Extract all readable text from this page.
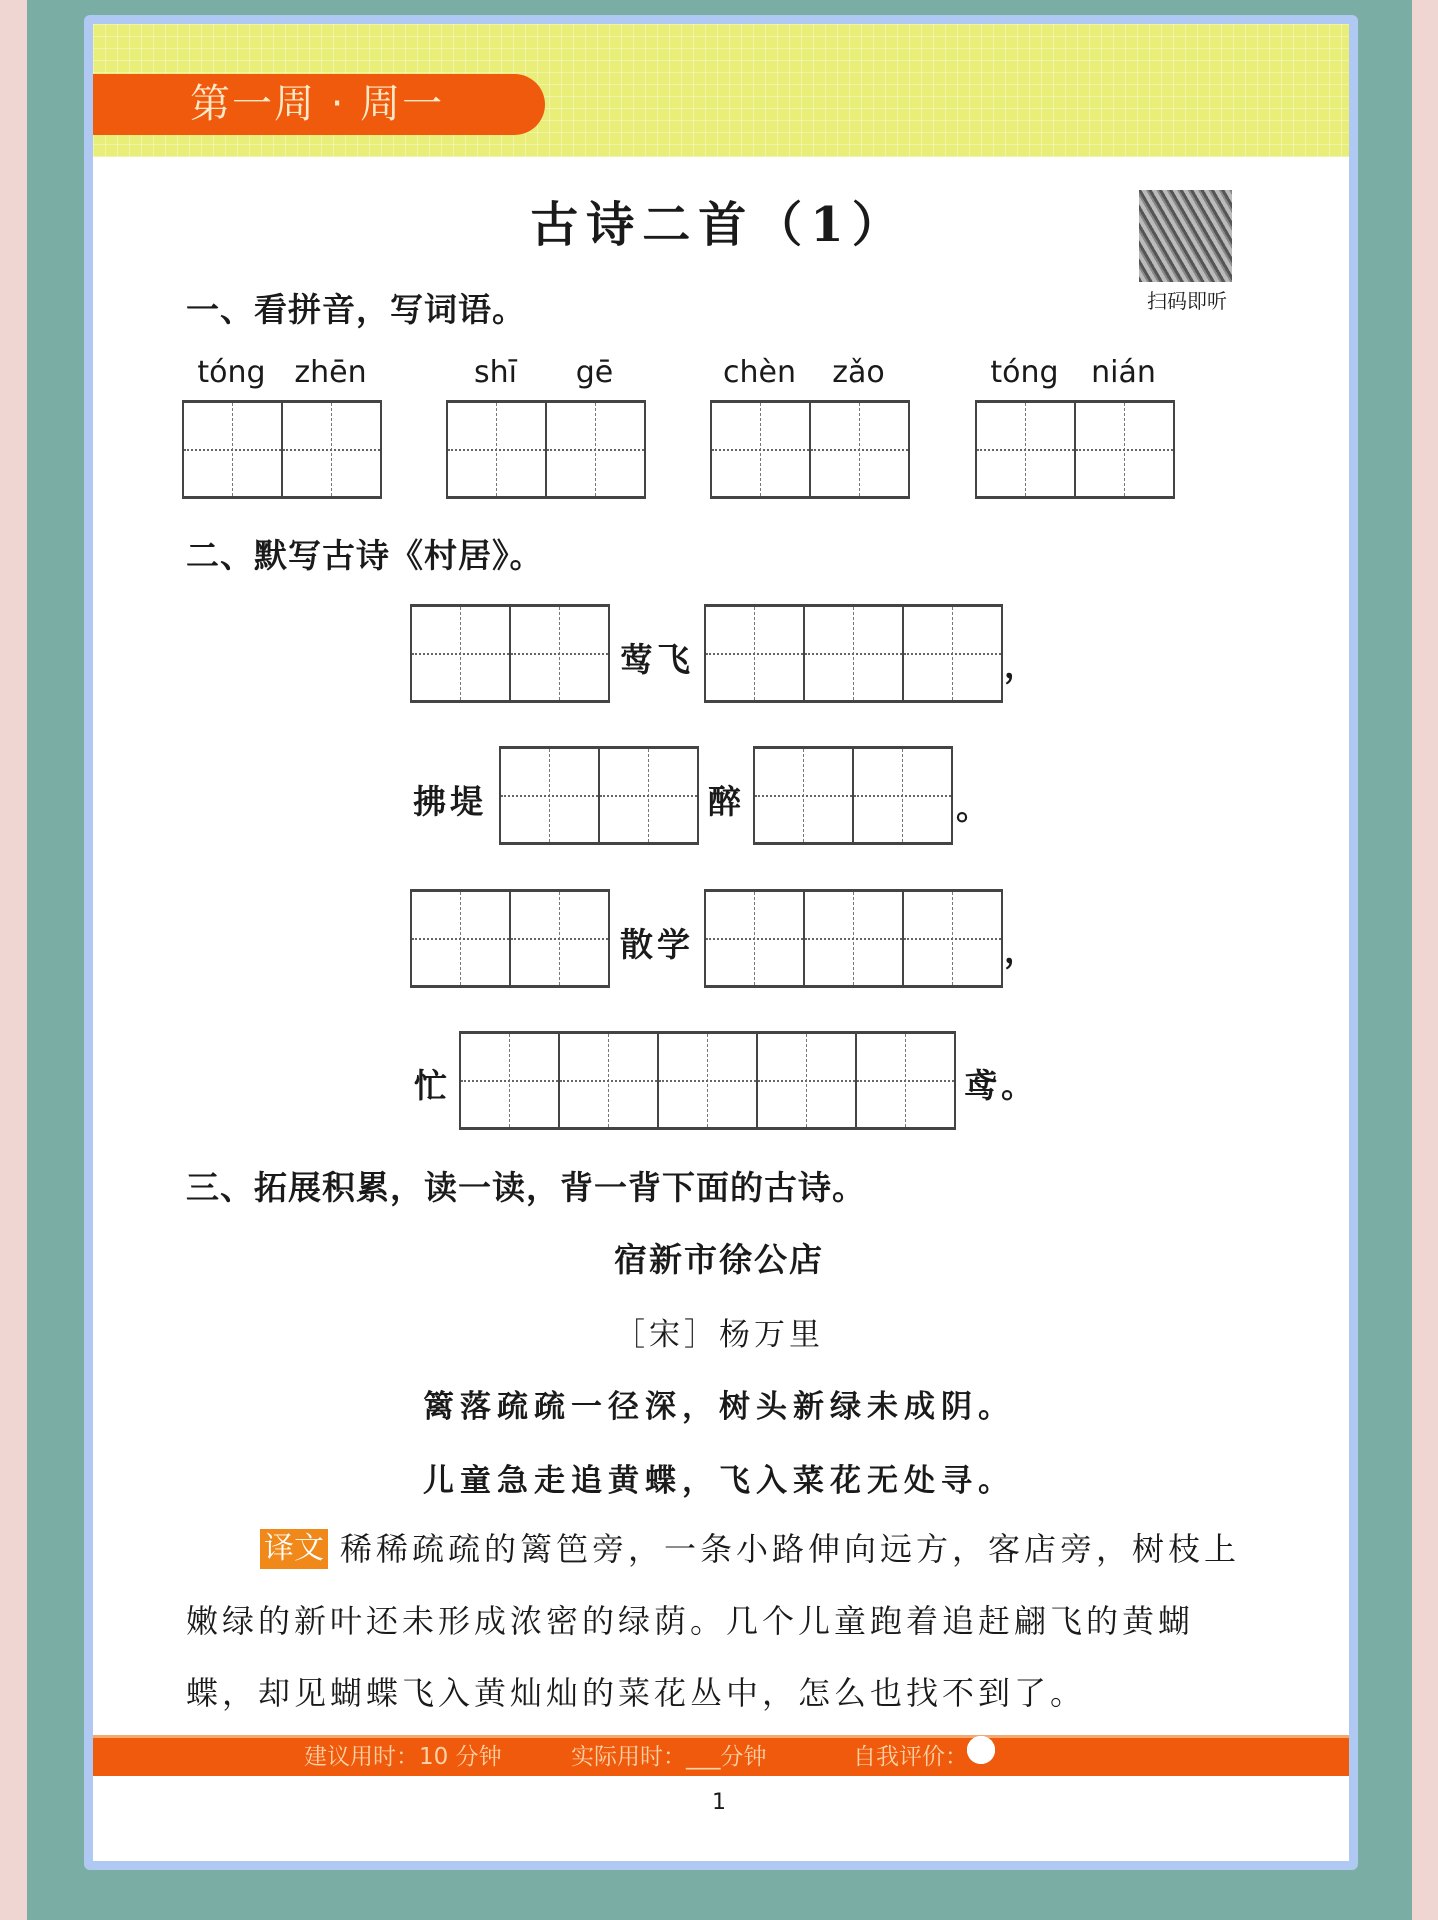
第一周 · 周一
古诗二首（1）
扫码即听
一、看拼音，写词语。
tóng zhēn	shī	gē	chèn	zǎo	tóng	nián
二、默写古诗《村居》。
莺飞	，
拂堤	醉	。
散学	，
忙	鸢。
三、拓展积累，读一读，背一背下面的古诗。
宿新市徐公店
［宋］杨万里
篱落疏疏一径深，树头新绿未成阴。
儿童急走追黄蝶，飞入菜花无处寻。
译文 稀稀疏疏的篱笆旁，一条小路伸向远方，客店旁，树枝上嫩绿的新叶还未形成浓密的绿荫。几个儿童跑着追赶翩飞的黄蝴蝶，却见蝴蝶飞入黄灿灿的菜花丛中，怎么也找不到了。
建议用时：10 分钟	实际用时：___分钟	自我评价：
1
